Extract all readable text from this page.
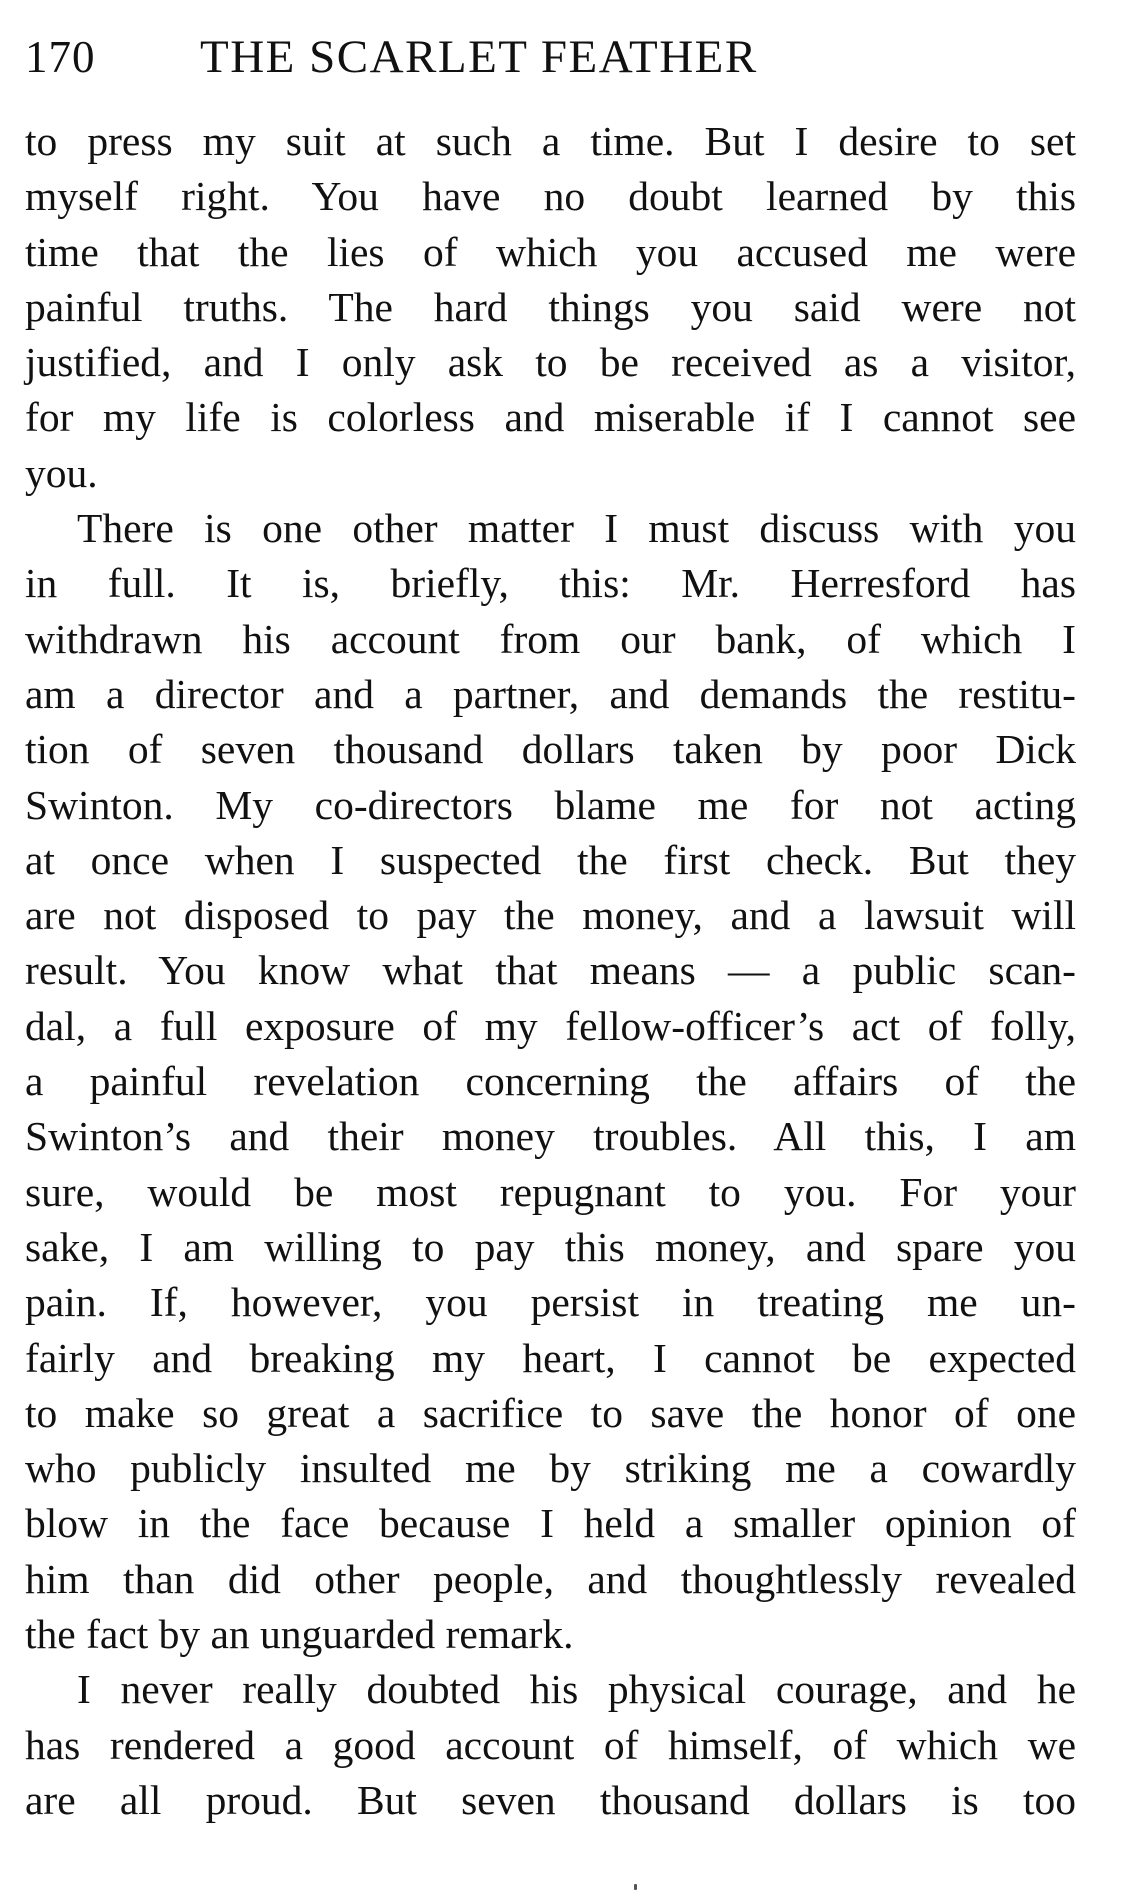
170	THE SCARLET FEATHER

to press my suit at such a time. But I desire to set
myself right. You have no doubt learned by this
time that the lies of which you accused me were
painful truths. The hard things you said were not
justified, and I only ask to be received as a visitor,
for my life is colorless and miserable if I cannot see
you.

There is one other matter I must discuss with you
in full. It is, briefly, this: Mr. Herresford has
withdrawn his account from our bank, of which I
am a director and a partner, and demands the restitu-
tion of seven thousand dollars taken by poor Dick
Swinton. My co-directors blame me for not acting
at once when I suspected the first check. But they
are not disposed to pay the money, and a lawsuit will
result. You know what that means — a public scan-
dal, a full exposure of my fellow-officer’s act of folly,
a painful revelation concerning the affairs of the
Swinton’s and their money troubles. All this, I am
sure, would be most repugnant to you. For your
sake, I am willing to pay this money, and spare you
pain. If, however, you persist in treating me un-
fairly and breaking my heart, I cannot be expected
to make so great a sacrifice to save the honor of one
who publicly insulted me by striking me a cowardly
blow in the face because I held a smaller opinion of
him than did other people, and thoughtlessly revealed
the fact by an unguarded remark.

I never really doubted his physical courage, and he
has rendered a good account of himself, of which we
are all proud. But seven thousand dollars is too
